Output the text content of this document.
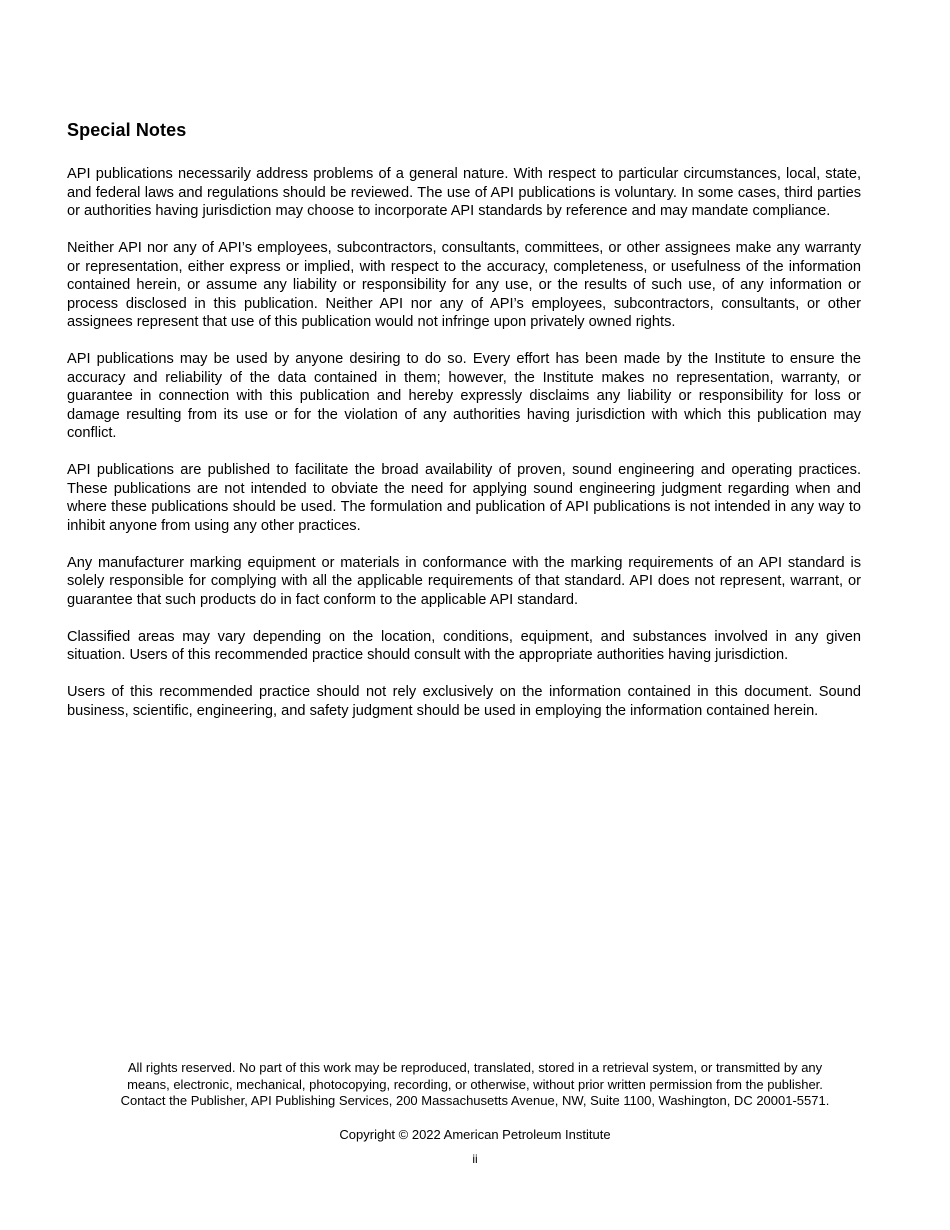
Special Notes

API publications necessarily address problems of a general nature. With respect to particular circumstances, local, state, and federal laws and regulations should be reviewed. The use of API publications is voluntary. In some cases, third parties or authorities having jurisdiction may choose to incorporate API standards by reference and may mandate compliance.

Neither API nor any of API’s employees, subcontractors, consultants, committees, or other assignees make any warranty or representation, either express or implied, with respect to the accuracy, completeness, or usefulness of the information contained herein, or assume any liability or responsibility for any use, or the results of such use, of any information or process disclosed in this publication. Neither API nor any of API’s employees, subcontractors, consultants, or other assignees represent that use of this publication would not infringe upon privately owned rights.

API publications may be used by anyone desiring to do so. Every effort has been made by the Institute to ensure the accuracy and reliability of the data contained in them; however, the Institute makes no representation, warranty, or guarantee in connection with this publication and hereby expressly disclaims any liability or responsibility for loss or damage resulting from its use or for the violation of any authorities having jurisdiction with which this publication may conflict.

API publications are published to facilitate the broad availability of proven, sound engineering and operating practices. These publications are not intended to obviate the need for applying sound engineering judgment regarding when and where these publications should be used. The formulation and publication of API publications is not intended in any way to inhibit anyone from using any other practices.

Any manufacturer marking equipment or materials in conformance with the marking requirements of an API standard is solely responsible for complying with all the applicable requirements of that standard. API does not represent, warrant, or guarantee that such products do in fact conform to the applicable API standard.

Classified areas may vary depending on the location, conditions, equipment, and substances involved in any given situation. Users of this recommended practice should consult with the appropriate authorities having jurisdiction.

Users of this recommended practice should not rely exclusively on the information contained in this document. Sound business, scientific, engineering, and safety judgment should be used in employing the information contained herein.

All rights reserved. No part of this work may be reproduced, translated, stored in a retrieval system, or transmitted by any

means, electronic, mechanical, photocopying, recording, or otherwise, without prior written permission from the publisher.

Contact the Publisher, API Publishing Services, 200 Massachusetts Avenue, NW, Suite 1100, Washington, DC 20001-5571.

Copyright © 2022 American Petroleum Institute
ii
